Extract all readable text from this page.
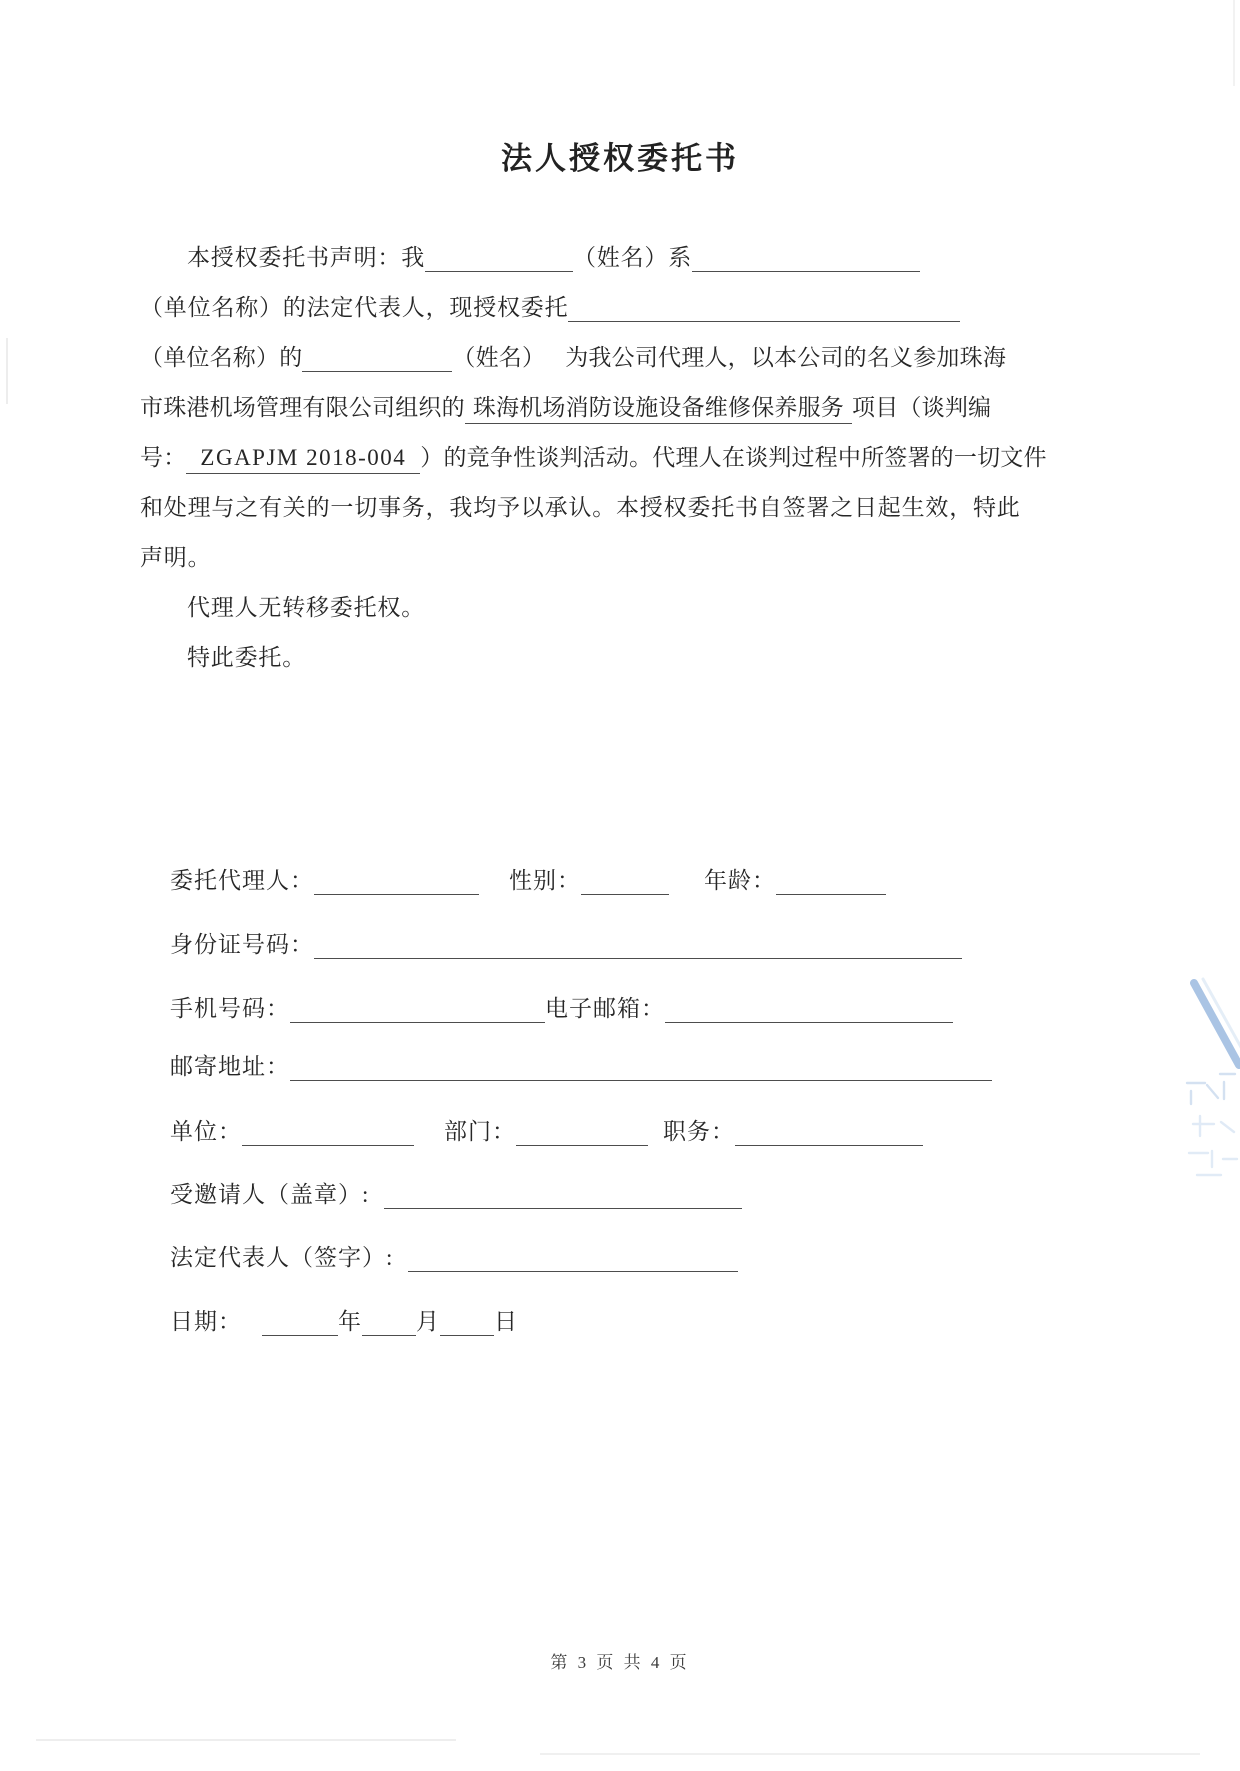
法人授权委托书
本授权委托书声明：我	（姓名）系
（单位名称）的法定代表人，现授权委托
（单位名称）的	（姓名） 为我公司代理人，以本公司的名义参加珠海
市珠港机场管理有限公司组织的 珠海机场消防设施设备维修保养服务 项目（谈判编
号： ZGAPJM 2018-004 ）的竞争性谈判活动。代理人在谈判过程中所签署的一切文件
和处理与之有关的一切事务，我均予以承认。本授权委托书自签署之日起生效，特此
声明。
代理人无转移委托权。
特此委托。
委托代理人：	性别：	年龄：
身份证号码：
手机号码：	电子邮箱：
邮寄地址：
单位：	部门：	职务：
受邀请人（盖章）:
法定代表人（签字）:
日期：	年 月 日
第 3 页 共 4 页
